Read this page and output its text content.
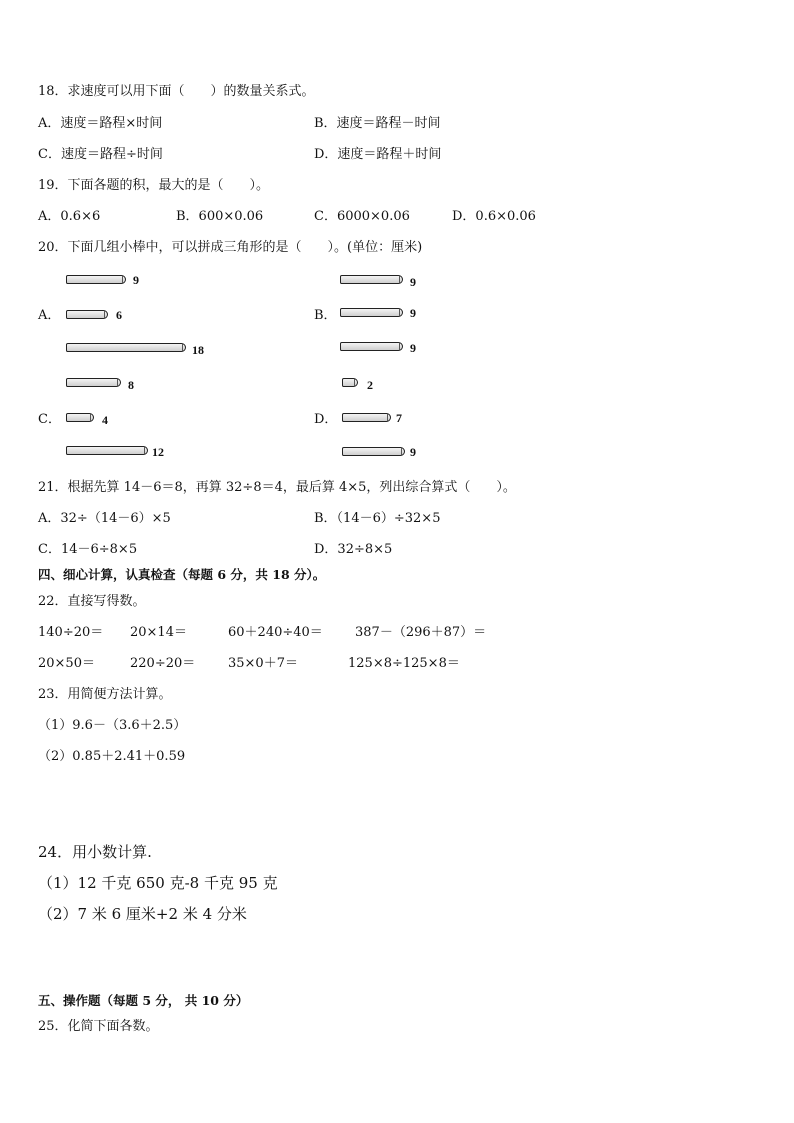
18．求速度可以用下面（　　）的数量关系式。
A．速度＝路程×时间	B．速度＝路程－时间
C．速度＝路程÷时间	D．速度＝路程＋时间
19．下面各题的积，最大的是（　　）。
A．0.6×6	B．600×0.06	C．6000×0.06	D．0.6×0.06
20．下面几组小棒中，可以拼成三角形的是（　　）。(单位：厘米)
A．
9
6
18
B．
9
9
9
C．
8
4
12
D．
2
7
9
21．根据先算 14－6＝8，再算 32÷8＝4，最后算 4×5，列出综合算式（　　）。
A．32÷（14－6）×5	B．（14－6）÷32×5
C．14－6÷8×5	D．32÷8×5
四、细心计算，认真检查（每题 6 分，共 18 分）。
22．直接写得数。
140÷20＝ 20×14＝	60＋240÷40＝ 387－（296＋87）＝
20×50＝	220÷20＝	35×0＋7＝	125×8÷125×8＝
23．用简便方法计算。
（1）9.6－（3.6＋2.5）
（2）0.85＋2.41＋0.59
24．用小数计算.
（1）12 千克 650 克-8 千克 95 克
（2）7 米 6 厘米+2 米 4 分米
五、操作题（每题 5 分， 共 10 分）
25．化简下面各数。
